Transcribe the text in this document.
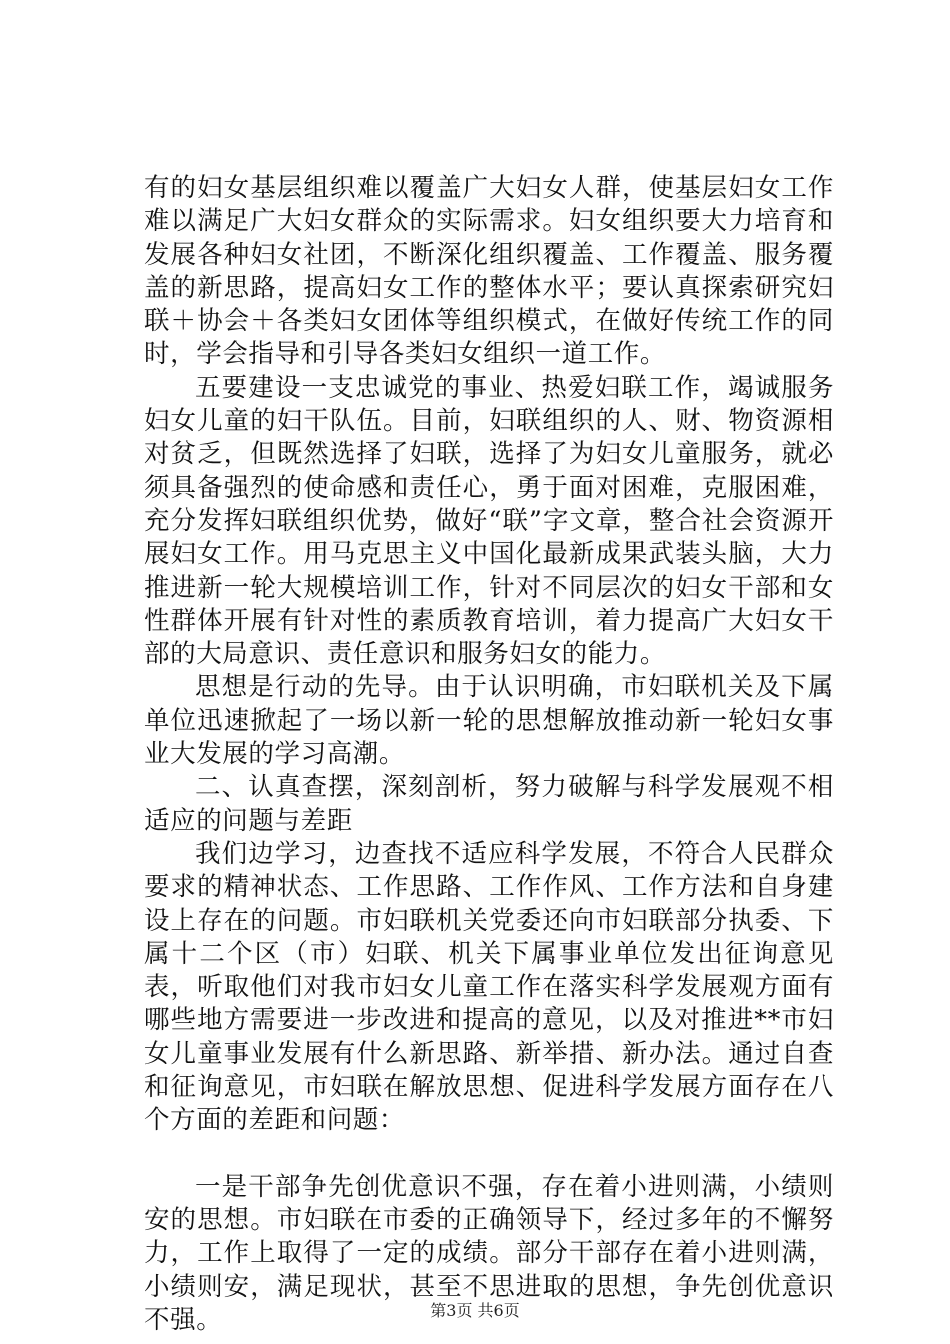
有的妇女基层组织难以覆盖广大妇女人群，使基层妇女工作难以满足广大妇女群众的实际需求。妇女组织要大力培育和发展各种妇女社团，不断深化组织覆盖、工作覆盖、服务覆盖的新思路，提高妇女工作的整体水平；要认真探索研究妇联＋协会＋各类妇女团体等组织模式，在做好传统工作的同时，学会指导和引导各类妇女组织一道工作。

五要建设一支忠诚党的事业、热爱妇联工作，竭诚服务妇女儿童的妇干队伍。目前，妇联组织的人、财、物资源相对贫乏，但既然选择了妇联，选择了为妇女儿童服务，就必须具备强烈的使命感和责任心，勇于面对困难，克服困难，充分发挥妇联组织优势，做好“联”字文章，整合社会资源开展妇女工作。用马克思主义中国化最新成果武装头脑，大力推进新一轮大规模培训工作，针对不同层次的妇女干部和女性群体开展有针对性的素质教育培训，着力提高广大妇女干部的大局意识、责任意识和服务妇女的能力。

思想是行动的先导。由于认识明确，市妇联机关及下属单位迅速掀起了一场以新一轮的思想解放推动新一轮妇女事业大发展的学习高潮。

二、认真查摆，深刻剖析，努力破解与科学发展观不相适应的问题与差距

我们边学习，边查找不适应科学发展，不符合人民群众要求的精神状态、工作思路、工作作风、工作方法和自身建设上存在的问题。市妇联机关党委还向市妇联部分执委、下属十二个区（市）妇联、机关下属事业单位发出征询意见表，听取他们对我市妇女儿童工作在落实科学发展观方面有哪些地方需要进一步改进和提高的意见，以及对推进**市妇女儿童事业发展有什么新思路、新举措、新办法。通过自查和征询意见，市妇联在解放思想、促进科学发展方面存在八个方面的差距和问题：

一是干部争先创优意识不强，存在着小进则满，小绩则安的思想。市妇联在市委的正确领导下，经过多年的不懈努力，工作上取得了一定的成绩。部分干部存在着小进则满，小绩则安，满足现状，甚至不思进取的思想，争先创优意识不强。	第3页 共6页
